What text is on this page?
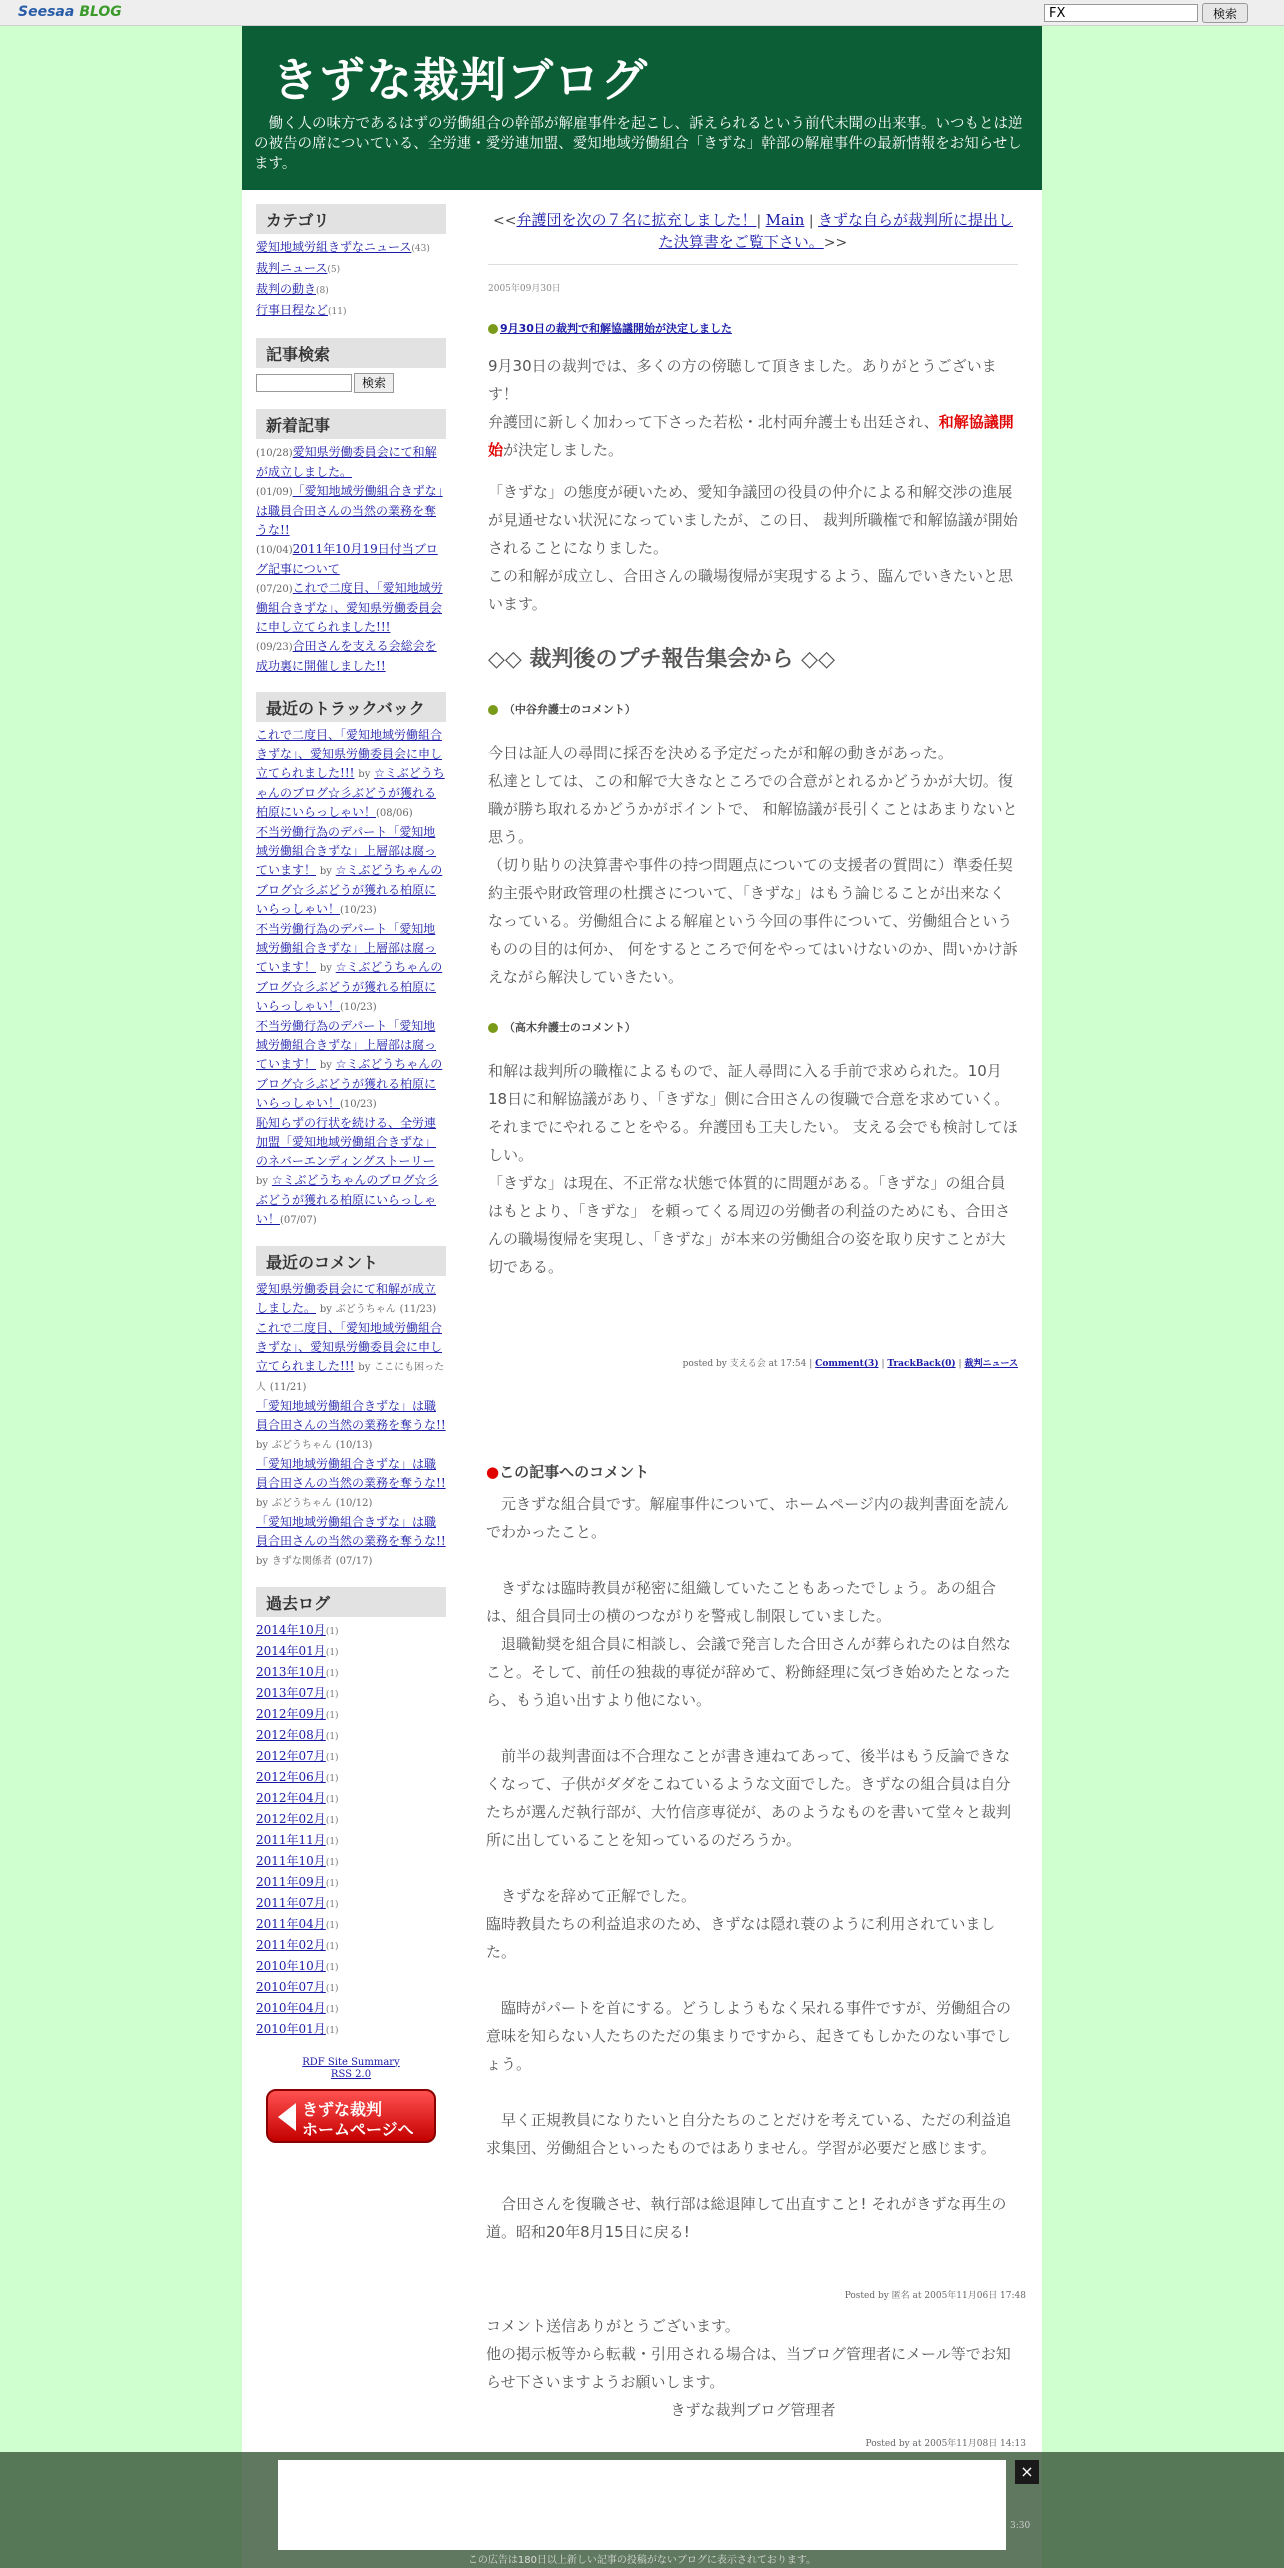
Seesaa BLOG
FX	検索
きずな裁判ブログ
働く人の味方であるはずの労働組合の幹部が解雇事件を起こし、訴えられるという前代未聞の出来事。いつもとは逆の被告の席についている、全労連・愛労連加盟、愛知地域労働組合「きずな」幹部の解雇事件の最新情報をお知らせします。
カテゴリ
愛知地域労組きずなニュース(43)
裁判ニュース(5)
裁判の動き(8)
行事日程など(11)
記事検索
検索
新着記事
(10/28)愛知県労働委員会にて和解が成立しました。
(01/09)「愛知地域労働組合きずな」は職員合田さんの当然の業務を奪うな!!
(10/04)2011年10月19日付当ブログ記事について
(07/20)これで二度目、「愛知地域労働組合きずな」、愛知県労働委員会に申し立てられました!!!
(09/23)合田さんを支える会総会を成功裏に開催しました!!
最近のトラックバック
これで二度目、「愛知地域労働組合きずな」、愛知県労働委員会に申し立てられました!!! by ☆ミぶどうちゃんのブログ☆彡ぶどうが獲れる柏原にいらっしゃい！(08/06)
不当労働行為のデパート「愛知地域労働組合きずな」上層部は腐っています！ by ☆ミぶどうちゃんのブログ☆彡ぶどうが獲れる柏原にいらっしゃい！(10/23)
不当労働行為のデパート「愛知地域労働組合きずな」上層部は腐っています！ by ☆ミぶどうちゃんのブログ☆彡ぶどうが獲れる柏原にいらっしゃい！(10/23)
不当労働行為のデパート「愛知地域労働組合きずな」上層部は腐っています！ by ☆ミぶどうちゃんのブログ☆彡ぶどうが獲れる柏原にいらっしゃい！(10/23)
恥知らずの行状を続ける、全労連加盟「愛知地域労働組合きずな」のネバーエンディングストーリー by ☆ミぶどうちゃんのブログ☆彡ぶどうが獲れる柏原にいらっしゃい！(07/07)
最近のコメント
愛知県労働委員会にて和解が成立しました。 by ぶどうちゃん (11/23)
これで二度目、「愛知地域労働組合きずな」、愛知県労働委員会に申し立てられました!!! by ここにも困った人 (11/21)
「愛知地域労働組合きずな」は職員合田さんの当然の業務を奪うな!! by ぶどうちゃん (10/13)
「愛知地域労働組合きずな」は職員合田さんの当然の業務を奪うな!! by ぶどうちゃん (10/12)
「愛知地域労働組合きずな」は職員合田さんの当然の業務を奪うな!! by きずな関係者 (07/17)
過去ログ
2014年10月(1)
2014年01月(1)
2013年10月(1)
2013年07月(1)
2012年09月(1)
2012年08月(1)
2012年07月(1)
2012年06月(1)
2012年04月(1)
2012年02月(1)
2011年11月(1)
2011年10月(1)
2011年09月(1)
2011年07月(1)
2011年04月(1)
2011年02月(1)
2010年10月(1)
2010年07月(1)
2010年04月(1)
2010年01月(1)
RDF Site Summary
RSS 2.0
きずな裁判
ホームページへ
<<弁護団を次の７名に拡充しました！| Main | きずな自らが裁判所に提出した決算書をご覧下さい。>>
2005年09月30日
9月30日の裁判で和解協議開始が決定しました

9月30日の裁判では、多くの方の傍聴して頂きました。ありがとうございます！

弁護団に新しく加わって下さった若松・北村両弁護士も出廷され、和解協議開始が決定しました。

「きずな」の態度が硬いため、愛知争議団の役員の仲介による和解交渉の進展が見通せない状況になっていましたが、この日、 裁判所職権で和解協議が開始されることになりました。

この和解が成立し、合田さんの職場復帰が実現するよう、臨んでいきたいと思います。

◇◇ 裁判後のプチ報告集会から ◇◇
（中谷弁護士のコメント）

今日は証人の尋問に採否を決める予定だったが和解の動きがあった。

私達としては、この和解で大きなところでの合意がとれるかどうかが大切。復職が勝ち取れるかどうかがポイントで、 和解協議が長引くことはあまりないと思う。

（切り貼りの決算書や事件の持つ問題点についての支援者の質問に）準委任契約主張や財政管理の杜撰さについて、「きずな」はもう論じることが出来なくなっている。労働組合による解雇という今回の事件について、労働組合というものの目的は何か、 何をするところで何をやってはいけないのか、問いかけ訴えながら解決していきたい。

（高木弁護士のコメント）

和解は裁判所の職権によるもので、証人尋問に入る手前で求められた。10月18日に和解協議があり、「きずな」側に合田さんの復職で合意を求めていく。それまでにやれることをやる。弁護団も工夫したい。 支える会でも検討してほしい。

「きずな」は現在、不正常な状態で体質的に問題がある。「きずな」の組合員はもとより、「きずな」 を頼ってくる周辺の労働者の利益のためにも、合田さんの職場復帰を実現し、「きずな」が本来の労働組合の姿を取り戻すことが大切である。

posted by 支える会 at 17:54 | Comment(3) | TrackBack(0) | 裁判ニュース
●この記事へのコメント

元きずな組合員です。解雇事件について、ホームページ内の裁判書面を読んでわかったこと。

きずなは臨時教員が秘密に組織していたこともあったでしょう。あの組合は、組合員同士の横のつながりを警戒し制限していました。

退職勧奨を組合員に相談し、会議で発言した合田さんが葬られたのは自然なこと。そして、前任の独裁的専従が辞めて、粉飾経理に気づき始めたとなったら、もう追い出すより他にない。

前半の裁判書面は不合理なことが書き連ねてあって、後半はもう反論できなくなって、子供がダダをこねているような文面でした。きずなの組合員は自分たちが選んだ執行部が、大竹信彦専従が、あのようなものを書いて堂々と裁判所に出していることを知っているのだろうか。

きずなを辞めて正解でした。

臨時教員たちの利益追求のため、きずなは隠れ蓑のように利用されていました。

臨時がパートを首にする。どうしようもなく呆れる事件ですが、労働組合の意味を知らない人たちのただの集まりですから、起きてもしかたのない事でしょう。

早く正規教員になりたいと自分たちのことだけを考えている、ただの利益追求集団、労働組合といったものではありません。学習が必要だと感じます。

合田さんを復職させ、執行部は総退陣して出直すこと! それがきずな再生の道。昭和20年8月15日に戻る!

Posted by 匿名 at 2005年11月06日 17:48

コメント送信ありがとうございます。

他の掲示板等から転載・引用される場合は、当ブログ管理者にメール等でお知らせ下さいますようお願いします。

きずな裁判ブログ管理者

Posted by at 2005年11月08日 14:13
×
3:30
この広告は180日以上新しい記事の投稿がないブログに表示されております。
